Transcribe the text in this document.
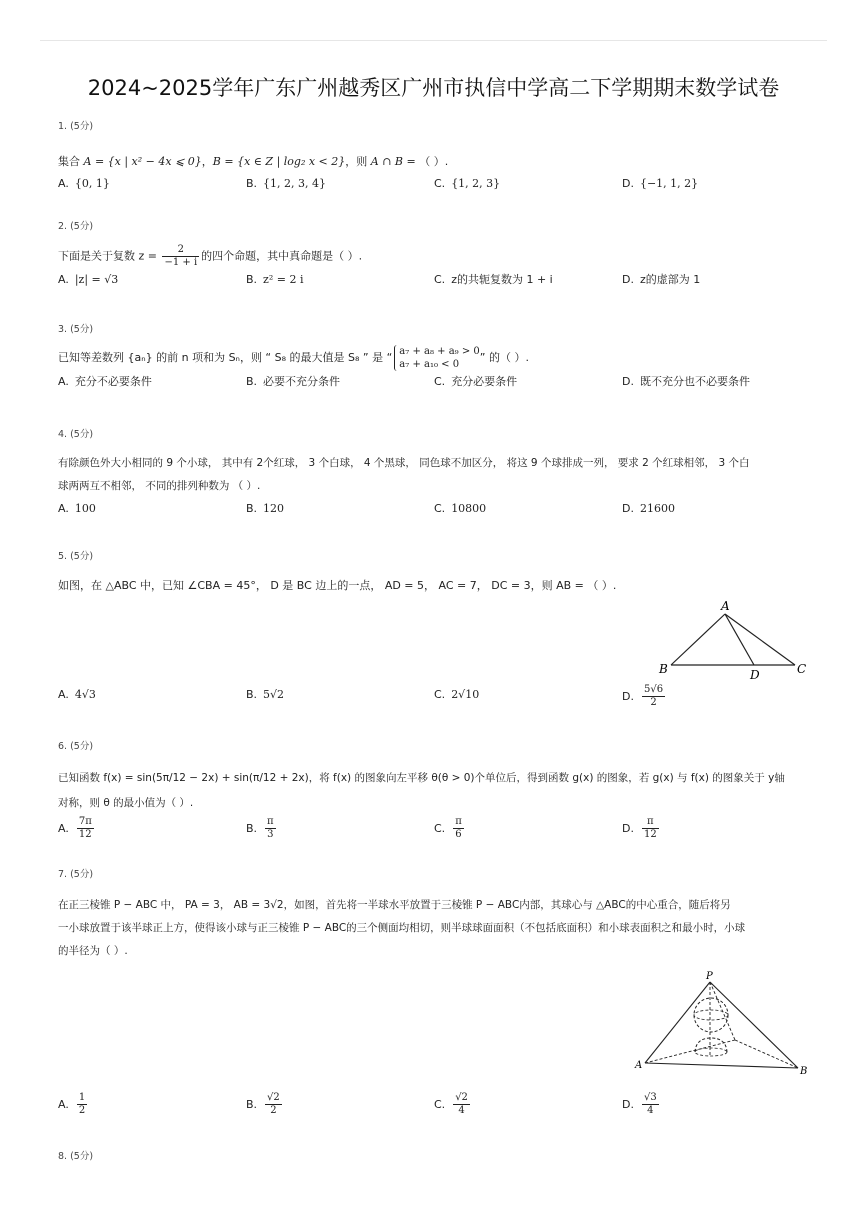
2024~2025学年广东广州越秀区广州市执信中学高二下学期期末数学试卷
1. (5分)
集合 A = {x | x² − 4x ⩽ 0}，B = {x ∈ Z | log₂ x < 2}，则 A ∩ B = （ ）.
A. {0, 1}	B. {1, 2, 3, 4}	C. {1, 2, 3}	D. {−1, 1, 2}
2. (5分)
下面是关于复数 $z = \frac{2}{-1 + i}$ 的四个命题，其中真命题是（ ）.
A. |z| = √3	B. z² = 2 i	C. z的共轭复数为 1 + i	D. z的虚部为 1
3. (5分)
已知等差数列 {aₙ} 的前 n 项和为 Sₙ，则 “ S₈ 的最大值是 S₈ ” 是 “ a₇ + a₈ + a₉ > 0
a₇ + a₁₀ < 0
” 的（ ）.
A. 充分不必要条件	B. 必要不充分条件	C. 充分必要条件	D. 既不充分也不必要条件
4. (5分)
有除颜色外大小相同的 9 个小球， 其中有 2个红球， 3 个白球， 4 个黑球， 同色球不加区分， 将这 9 个球排成一列， 要求 2 个红球相邻， 3 个白
球两两互不相邻， 不同的排列种数为 （ ）.
A. 100	B. 120	C. 10800	D. 21600
5. (5分)
如图，在 △ABC 中，已知 ∠CBA = 45°， D 是 BC 边上的一点， AD = 5， AC = 7， DC = 3，则 AB = （ ）.
A
B	C
D
A. 4√3	B. 5√2	C. 2√10	D. $\frac{5√6}{2}$
6. (5分)
已知函数 f(x) = sin(5π/12 − 2x) + sin(π/12 + 2x)，将 f(x) 的图象向左平移 θ(θ > 0)个单位后，得到函数 g(x) 的图象，若 g(x) 与 f(x) 的图象关于 y轴
对称，则 θ 的最小值为（ ）.
A. $\frac{7\pi}{12}$	B. $\frac{\pi}{3}$	C. $\frac{\pi}{6}$	D. $\frac{\pi}{12}$
7. (5分)
在正三棱锥 P − ABC 中， PA = 3， AB = 3√2，如图，首先将一半球水平放置于三棱锥 P − ABC内部，其球心与 △ABC的中心重合，随后将另
一小球放置于该半球正上方，使得该小球与正三棱锥 P − ABC的三个侧面均相切，则半球球面面积（不包括底面积）和小球表面积之和最小时，小球
的半径为（ ）.
P
A
B
A. $\frac{1}{2}$	B. $\frac{√2}{2}$	C. $\frac{√2}{4}$	D. $\frac{√3}{4}$
8. (5分)
